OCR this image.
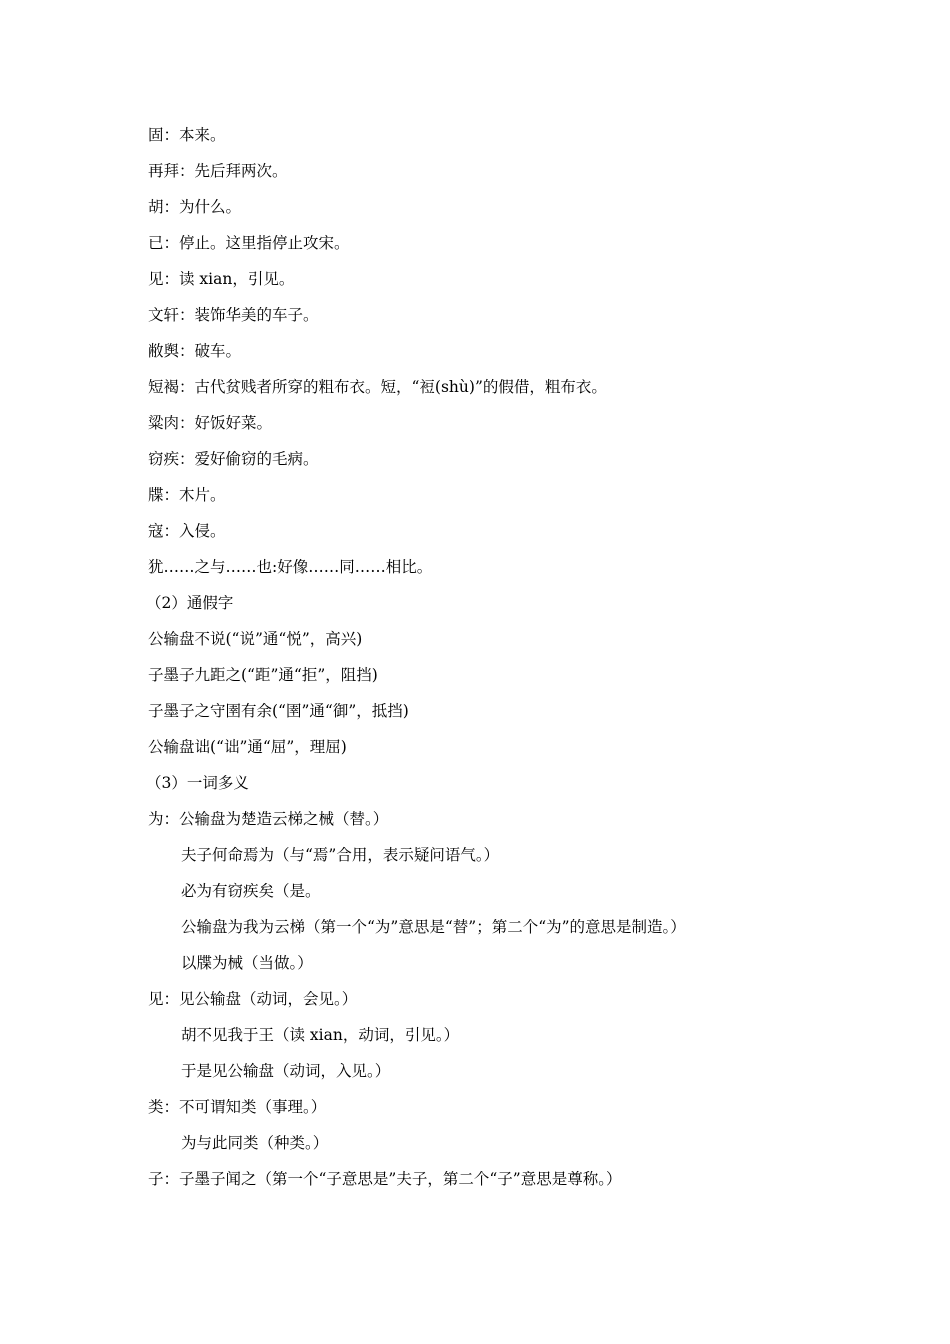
固：本来。
再拜：先后拜两次。
胡：为什么。
已：停止。这里指停止攻宋。
见：读 xian，引见。
文轩：装饰华美的车子。
敝舆：破车。
短褐：古代贫贱者所穿的粗布衣。短，“裋(shù)”的假借，粗布衣。
粱肉：好饭好菜。
窃疾：爱好偷窃的毛病。
牒：木片。
寇：入侵。
犹……之与……也:好像……同……相比。
（2）通假字
公输盘不说(“说”通“悦”，高兴)
子墨子九距之(“距”通“拒”，阻挡)
子墨子之守圉有余(“圉”通“御”，抵挡)
公输盘诎(“诎”通“屈”，理屈)
（3）一词多义
为：公输盘为楚造云梯之械（替。）
夫子何命焉为（与“焉”合用，表示疑问语气。）
必为有窃疾矣（是。
公输盘为我为云梯（第一个“为”意思是“替”；第二个“为”的意思是制造。）
以牒为械（当做。）
见：见公输盘（动词，会见。）
胡不见我于王（读 xian，动词，引见。）
于是见公输盘（动词，入见。）
类：不可谓知类（事理。）
为与此同类（种类。）
子：子墨子闻之（第一个“子意思是”夫子，第二个“子”意思是尊称。）
